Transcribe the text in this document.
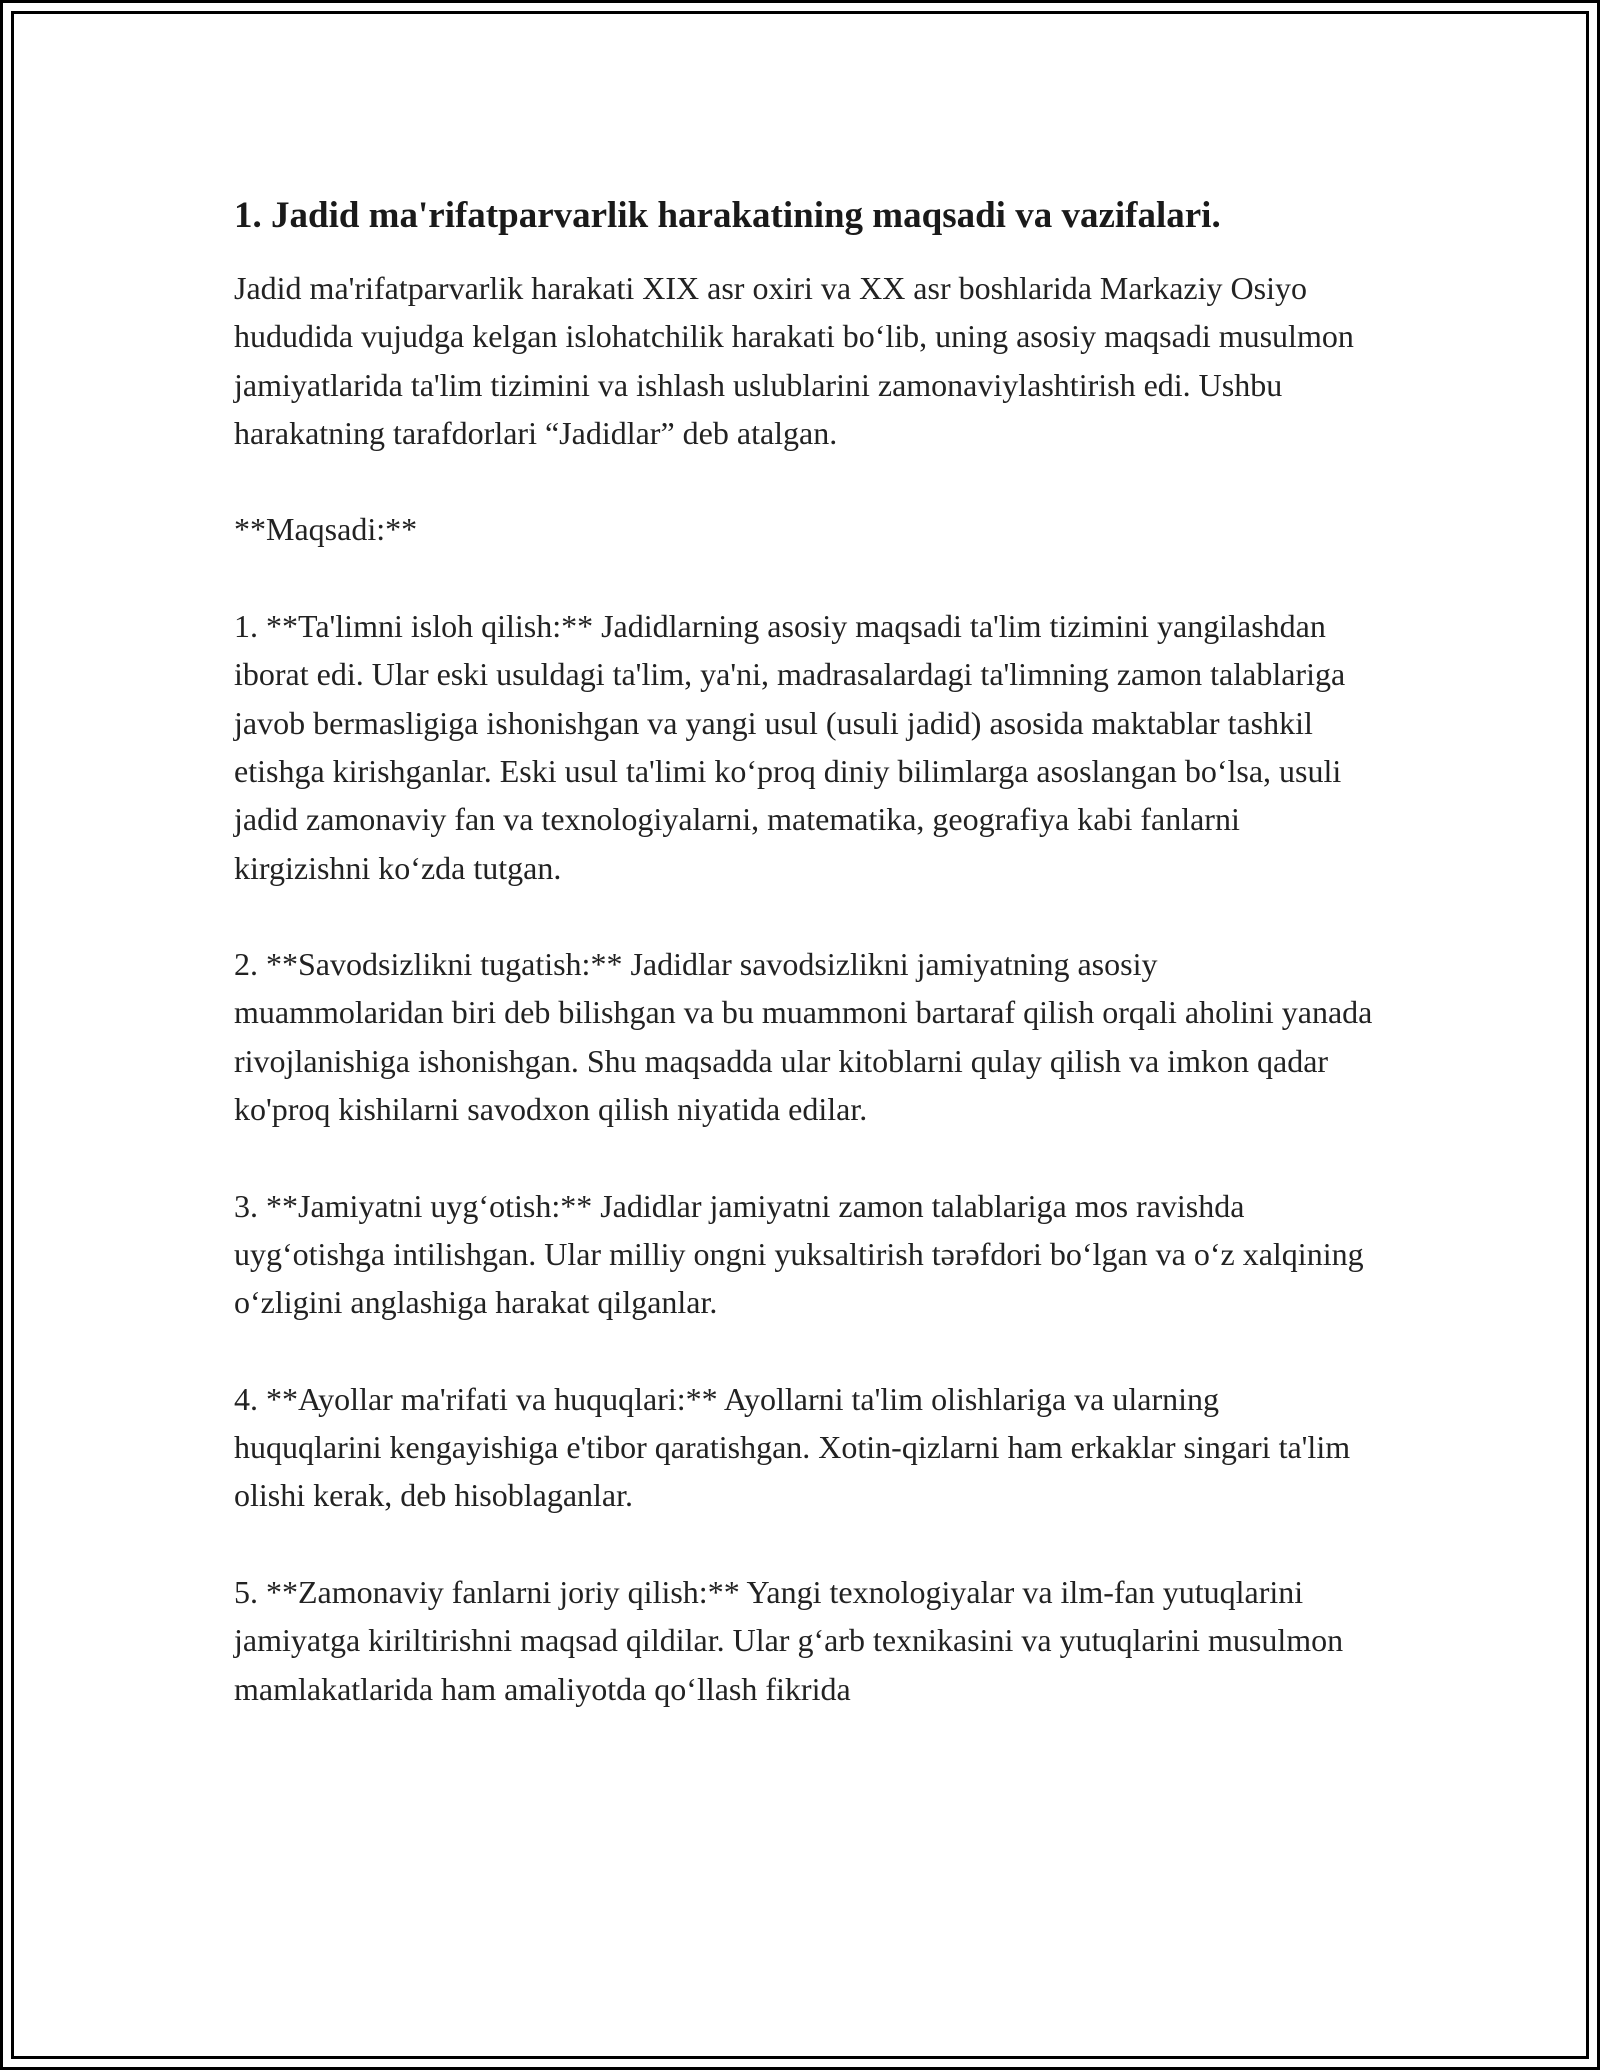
1. Jadid ma'rifatparvarlik harakatining maqsadi va vazifalari.

Jadid ma'rifatparvarlik harakati XIX asr oxiri va XX asr boshlarida Markaziy Osiyo hududida vujudga kelgan islohatchilik harakati bo‘lib, uning asosiy maqsadi musulmon jamiyatlarida ta'lim tizimini va ishlash uslublarini zamonaviylashtirish edi. Ushbu harakatning tarafdorlari “Jadidlar” deb atalgan.

**Maqsadi:**

1. **Ta'limni isloh qilish:** Jadidlarning asosiy maqsadi ta'lim tizimini yangilashdan iborat edi. Ular eski usuldagi ta'lim, ya'ni, madrasalardagi ta'limning zamon talablariga javob bermasligiga ishonishgan va yangi usul (usuli jadid) asosida maktablar tashkil etishga kirishganlar. Eski usul ta'limi ko‘proq diniy bilimlarga asoslangan bo‘lsa, usuli jadid zamonaviy fan va texnologiyalarni, matematika, geografiya kabi fanlarni kirgizishni ko‘zda tutgan.

2. **Savodsizlikni tugatish:** Jadidlar savodsizlikni jamiyatning asosiy muammolaridan biri deb bilishgan va bu muammoni bartaraf qilish orqali aholini yanada rivojlanishiga ishonishgan. Shu maqsadda ular kitoblarni qulay qilish va imkon qadar ko'proq kishilarni savodxon qilish niyatida edilar.

3. **Jamiyatni uyg‘otish:** Jadidlar jamiyatni zamon talablariga mos ravishda uyg‘otishga intilishgan. Ular milliy ongni yuksaltirish tərəfdori bo‘lgan va o‘z xalqining o‘zligini anglashiga harakat qilganlar.

4. **Ayollar ma'rifati va huquqlari:** Ayollarni ta'lim olishlariga va ularning huquqlarini kengayishiga e'tibor qaratishgan. Xotin-qizlarni ham erkaklar singari ta'lim olishi kerak, deb hisoblaganlar.

5. **Zamonaviy fanlarni joriy qilish:** Yangi texnologiyalar va ilm-fan yutuqlarini jamiyatga kiriltirishni maqsad qildilar. Ular g‘arb texnikasini va yutuqlarini musulmon mamlakatlarida ham amaliyotda qo‘llash fikrida
